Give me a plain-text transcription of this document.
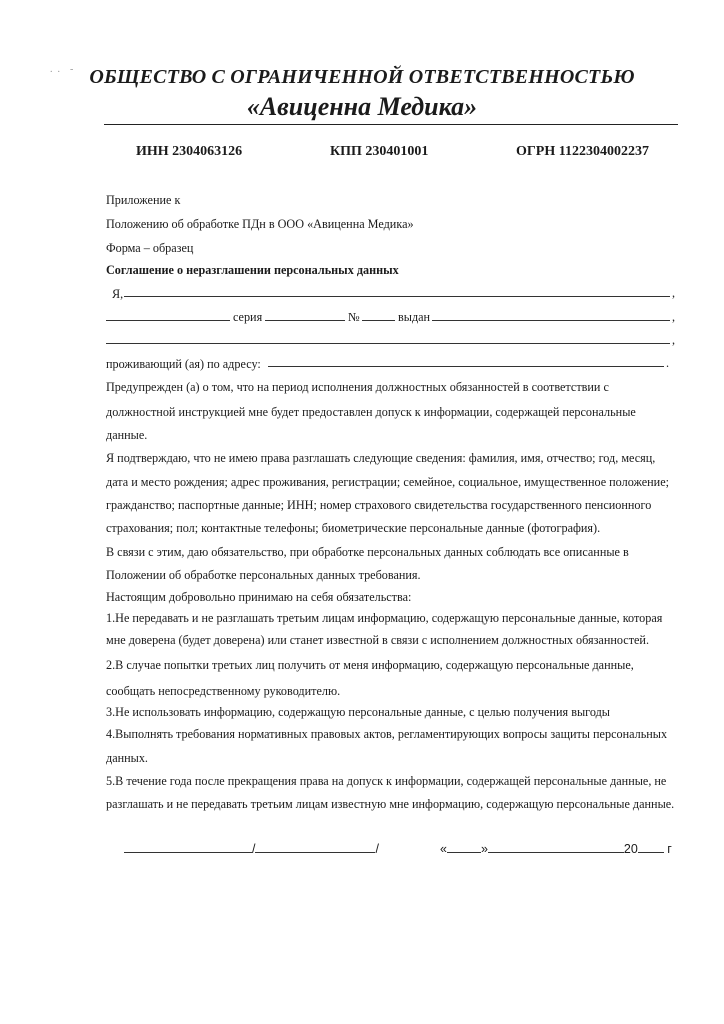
.  .    - ОБЩЕСТВО С ОГРАНИЧЕННОЙ ОТВЕТСТВЕННОСТЬЮ
«Авиценна Медика»
ИНН 2304063126	КПП 230401001	ОГРН 1122304002237
Приложение к
Положению об обработке ПДн в ООО «Авиценна Медика»
Форма – образец
Соглашение о неразглашении персональных данных
Я,	,
серия	№	выдан	,
,
проживающий (ая) по адресу:	.
Предупрежден (а) о том, что на период исполнения должностных обязанностей в соответствии с
должностной инструкцией мне будет предоставлен допуск к информации, содержащей персональные
данные.
Я подтверждаю, что не имею права разглашать следующие сведения: фамилия, имя, отчество; год, месяц,
дата и место рождения; адрес проживания, регистрации; семейное, социальное, имущественное положение;
гражданство; паспортные данные; ИНН; номер страхового свидетельства государственного пенсионного
страхования; пол; контактные телефоны; биометрические персональные данные (фотография).
В связи с этим, даю обязательство, при обработке персональных данных соблюдать все описанные в
Положении об обработке персональных данных требования.
Настоящим добровольно принимаю на себя обязательства:
1.Не передавать и не разглашать третьим лицам информацию, содержащую персональные данные, которая
мне доверена (будет доверена) или станет известной в связи с исполнением должностных обязанностей.
2.В случае попытки третьих лиц получить от меня информацию, содержащую персональные данные,
сообщать непосредственному руководителю.
3.Не использовать информацию, содержащую персональные данные, с целью получения выгоды
4.Выполнять требования нормативных правовых актов, регламентирующих вопросы защиты персональных
данных.
5.В течение года после прекращения права на допуск к информации, содержащей персональные данные, не
разглашать и не передавать третьим лицам известную мне информацию, содержащую персональные данные.
/	/	«	»	20 г
